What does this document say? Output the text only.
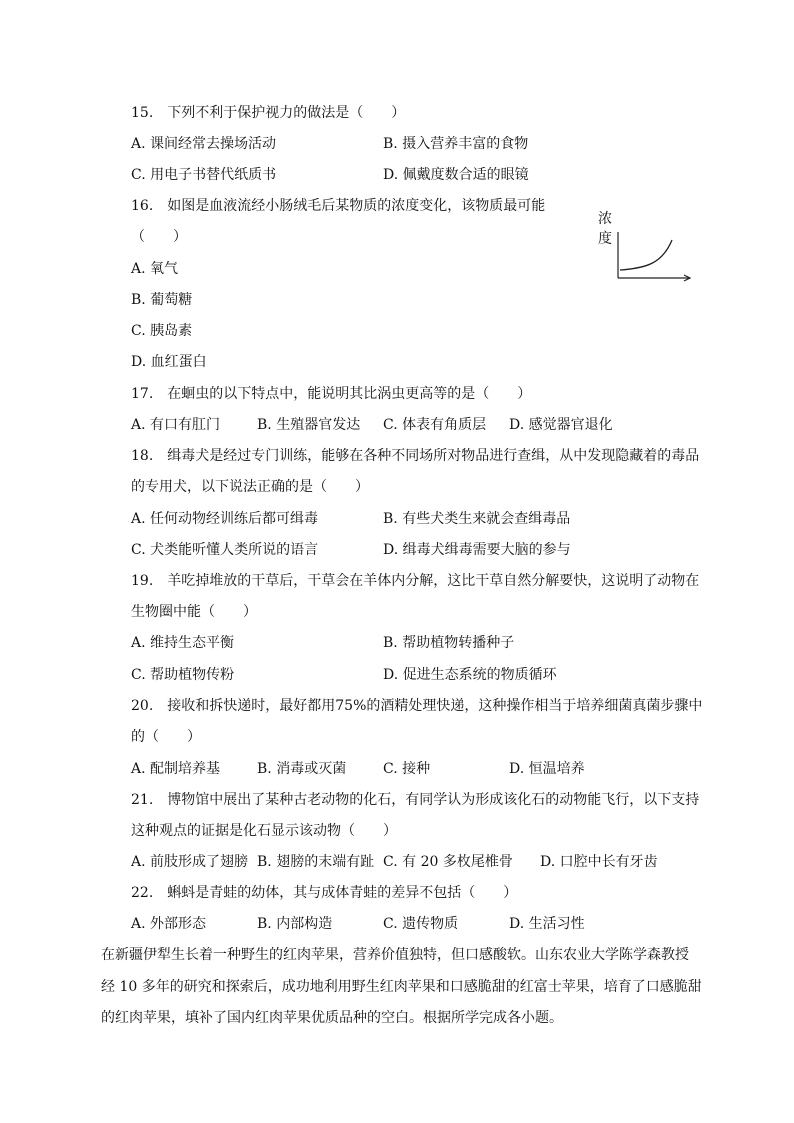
15. 下列不利于保护视力的做法是（　　）
A. 课间经常去操场活动	B. 摄入营养丰富的食物
C. 用电子书替代纸质书	D. 佩戴度数合适的眼镜
16. 如图是血液流经小肠绒毛后某物质的浓度变化，该物质最可能
（　　）
A. 氧气
B. 葡萄糖
C. 胰岛素
D. 血红蛋白
浓
度
17. 在蛔虫的以下特点中，能说明其比涡虫更高等的是（　　）
A. 有口有肛门	B. 生殖器官发达 C. 体表有角质层 D. 感觉器官退化
18. 缉毒犬是经过专门训练，能够在各种不同场所对物品进行查缉，从中发现隐藏着的毒品
的专用犬，以下说法正确的是（　　）
A. 任何动物经训练后都可缉毒	B. 有些犬类生来就会查缉毒品
C. 犬类能听懂人类所说的语言	D. 缉毒犬缉毒需要大脑的参与
19. 羊吃掉堆放的干草后，干草会在羊体内分解，这比干草自然分解要快，这说明了动物在
生物圈中能（　　）
A. 维持生态平衡	B. 帮助植物转播种子
C. 帮助植物传粉	D. 促进生态系统的物质循环
20. 接收和拆快递时，最好都用75%的酒精处理快递，这种操作相当于培养细菌真菌步骤中
的（　　）
A. 配制培养基	B. 消毒或灭菌	C. 接种	D. 恒温培养
21. 博物馆中展出了某种古老动物的化石，有同学认为形成该化石的动物能飞行，以下支持
这种观点的证据是化石显示该动物（　　）
A. 前肢形成了翅膀 B. 翅膀的末端有趾 C. 有 20 多枚尾椎骨 D. 口腔中长有牙齿
22. 蝌蚪是青蛙的幼体，其与成体青蛙的差异不包括（　　）
A. 外部形态	B. 内部构造	C. 遗传物质	D. 生活习性
在新疆伊犁生长着一种野生的红肉苹果，营养价值独特，但口感酸软。山东农业大学陈学森教授
经 10 多年的研究和探索后，成功地利用野生红肉苹果和口感脆甜的红富士苹果，培育了口感脆甜
的红肉苹果，填补了国内红肉苹果优质品种的空白。根据所学完成各小题。
